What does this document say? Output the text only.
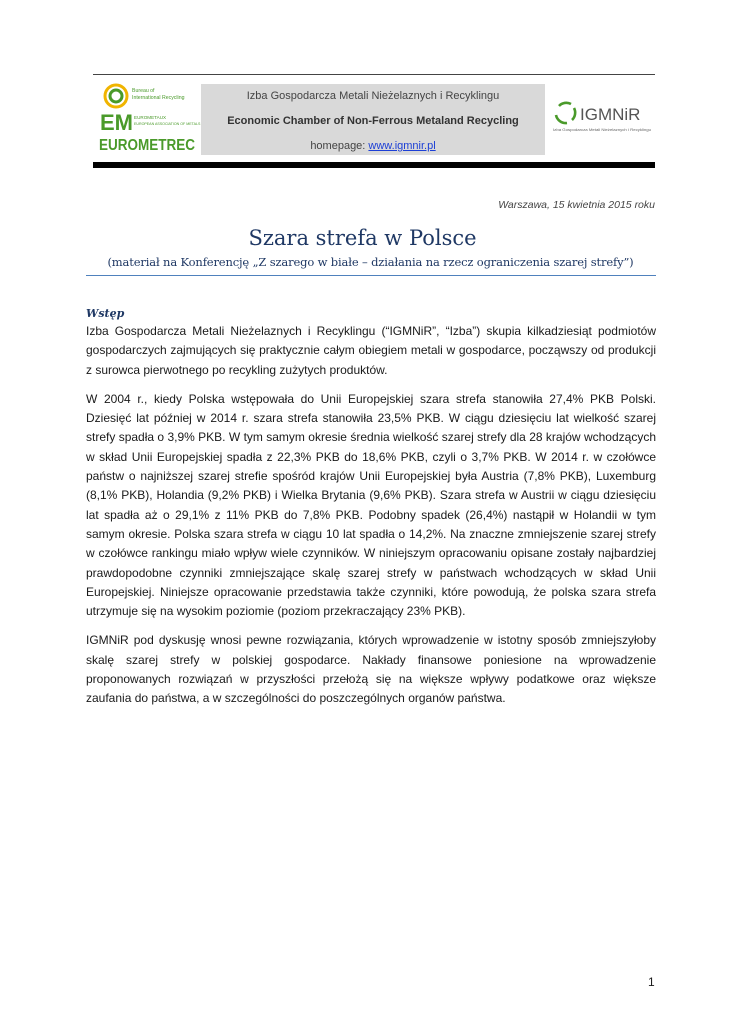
Bureau of
International Recycling
EM EUROMETAUX
EUROPEAN ASSOCIATION OF METALS
EUROMETREC
Izba Gospodarcza Metali Nieżelaznych i Recyklingu
Economic Chamber of Non-Ferrous Metaland Recycling
homepage: www.igmnir.pl
IGMNiR
Izba Gospodarcza Metali Nieżelaznych i Recyklingu
Warszawa, 15 kwietnia 2015 roku
Szara strefa w Polsce
(materiał na Konferencję „Z szarego w białe – działania na rzecz ograniczenia szarej strefy”)
Wstęp

Izba Gospodarcza Metali Nieżelaznych i Recyklingu (“IGMNiR”, “Izba”) skupia kilkadziesiąt podmiotów gospodarczych zajmujących się praktycznie całym obiegiem metali w gospodarce, począwszy od produkcji z surowca pierwotnego po recykling zużytych produktów.

W 2004 r., kiedy Polska wstępowała do Unii Europejskiej szara strefa stanowiła 27,4% PKB Polski. Dziesięć lat później w 2014 r. szara strefa stanowiła 23,5% PKB. W ciągu dziesięciu lat wielkość szarej strefy spadła o 3,9% PKB. W tym samym okresie średnia wielkość szarej strefy dla 28 krajów wchodzących w skład Unii Europejskiej spadła z 22,3% PKB do 18,6% PKB, czyli o 3,7% PKB. W 2014 r. w czołówce państw o najniższej szarej strefie spośród krajów Unii Europejskiej była Austria (7,8% PKB), Luxemburg (8,1% PKB), Holandia (9,2% PKB) i Wielka Brytania (9,6% PKB). Szara strefa w Austrii w ciągu dziesięciu lat spadła aż o 29,1% z 11% PKB do 7,8% PKB. Podobny spadek (26,4%) nastąpił w Holandii w tym samym okresie. Polska szara strefa w ciągu 10 lat spadła o 14,2%. Na znaczne zmniejszenie szarej strefy w czołówce rankingu miało wpływ wiele czynników. W niniejszym opracowaniu opisane zostały najbardziej prawdopodobne czynniki zmniejszające skalę szarej strefy w państwach wchodzących w skład Unii Europejskiej. Niniejsze opracowanie przedstawia także czynniki, które powodują, że polska szara strefa utrzymuje się na wysokim poziomie (poziom przekraczający 23% PKB).

IGMNiR pod dyskusję wnosi pewne rozwiązania, których wprowadzenie w istotny sposób zmniejszyłoby skalę szarej strefy w polskiej gospodarce. Nakłady finansowe poniesione na wprowadzenie proponowanych rozwiązań w przyszłości przełożą się na większe wpływy podatkowe oraz większe zaufania do państwa, a w szczególności do poszczególnych organów państwa.

1
